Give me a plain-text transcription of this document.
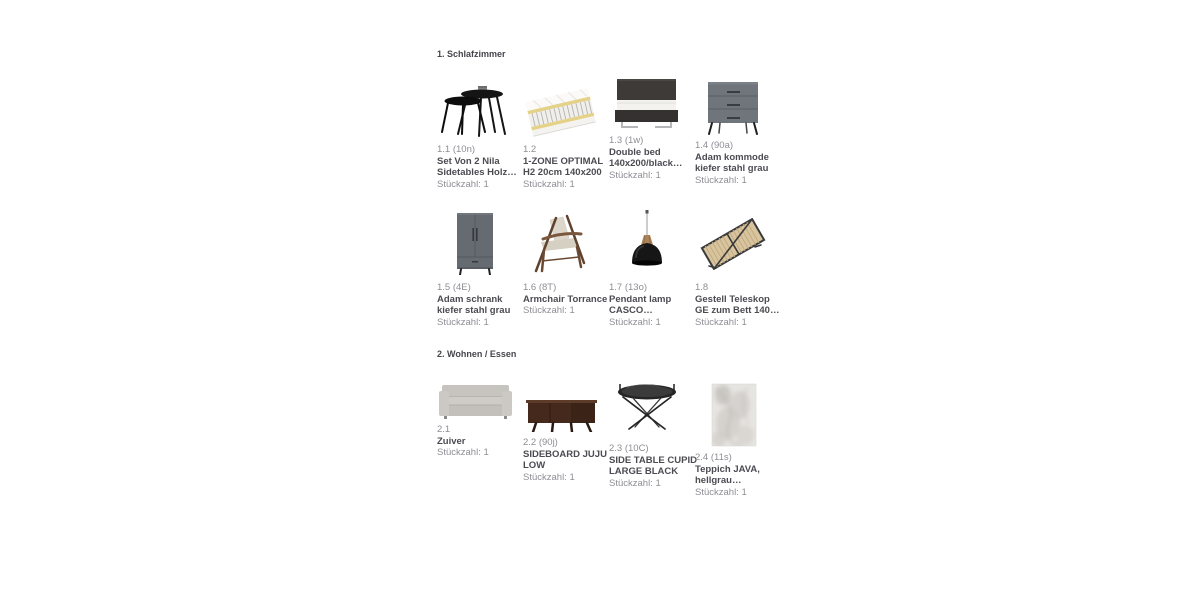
1. Schlafzimmer
1.1 (10n)
Set Von 2 Nila Sidetables Holz…
Stückzahl: 1
1.2
1-ZONE OPTIMAL H2 20cm 140x200
Stückzahl: 1
1.3 (1w)
Double bed 140x200/black…
Stückzahl: 1
1.4 (90a)
Adam kommode kiefer stahl grau
Stückzahl: 1
1.5 (4E)
Adam schrank kiefer stahl grau
Stückzahl: 1
1.6 (8T)
Armchair Torrance
Stückzahl: 1
1.7 (13o)
Pendant lamp CASCO…
Stückzahl: 1
1.8
Gestell Teleskop GE zum Bett 140…
Stückzahl: 1
2. Wohnen / Essen
2.1
Zuiver
Stückzahl: 1
2.2 (90j)
SIDEBOARD JUJU LOW
Stückzahl: 1
2.3 (10C)
SIDE TABLE CUPID LARGE BLACK
Stückzahl: 1
2.4 (11s)
Teppich JAVA, hellgrau…
Stückzahl: 1
